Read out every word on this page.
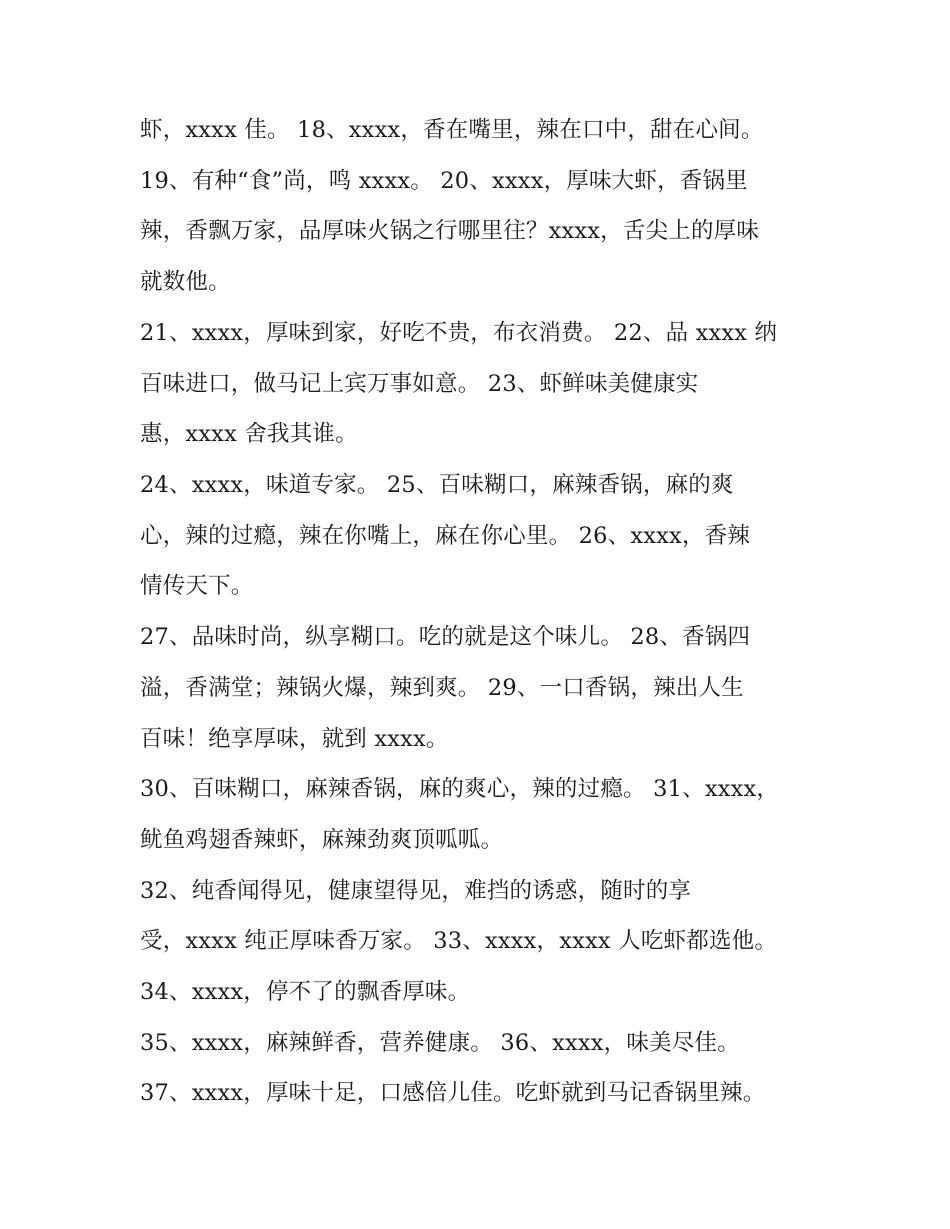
虾，xxxx 佳。 18、xxxx，香在嘴里，辣在口中，甜在心间。
19、有种“食”尚，鸣 xxxx。 20、xxxx，厚味大虾，香锅里
辣，香飘万家，品厚味火锅之行哪里往？xxxx，舌尖上的厚味
就数他。
21、xxxx，厚味到家，好吃不贵，布衣消费。 22、品 xxxx 纳
百味进口，做马记上宾万事如意。 23、虾鲜味美健康实
惠，xxxx 舍我其谁。
24、xxxx，味道专家。 25、百味糊口，麻辣香锅，麻的爽
心，辣的过瘾，辣在你嘴上，麻在你心里。 26、xxxx，香辣
情传天下。
27、品味时尚，纵享糊口。吃的就是这个味儿。 28、香锅四
溢，香满堂；辣锅火爆，辣到爽。 29、一口香锅，辣出人生
百味！绝享厚味，就到 xxxx。
30、百味糊口，麻辣香锅，麻的爽心，辣的过瘾。 31、xxxx，
鱿鱼鸡翅香辣虾，麻辣劲爽顶呱呱。
32、纯香闻得见，健康望得见，难挡的诱惑，随时的享
受，xxxx 纯正厚味香万家。 33、xxxx，xxxx 人吃虾都选他。
34、xxxx，停不了的飘香厚味。
35、xxxx，麻辣鲜香，营养健康。 36、xxxx，味美尽佳。
37、xxxx，厚味十足，口感倍儿佳。吃虾就到马记香锅里辣。
